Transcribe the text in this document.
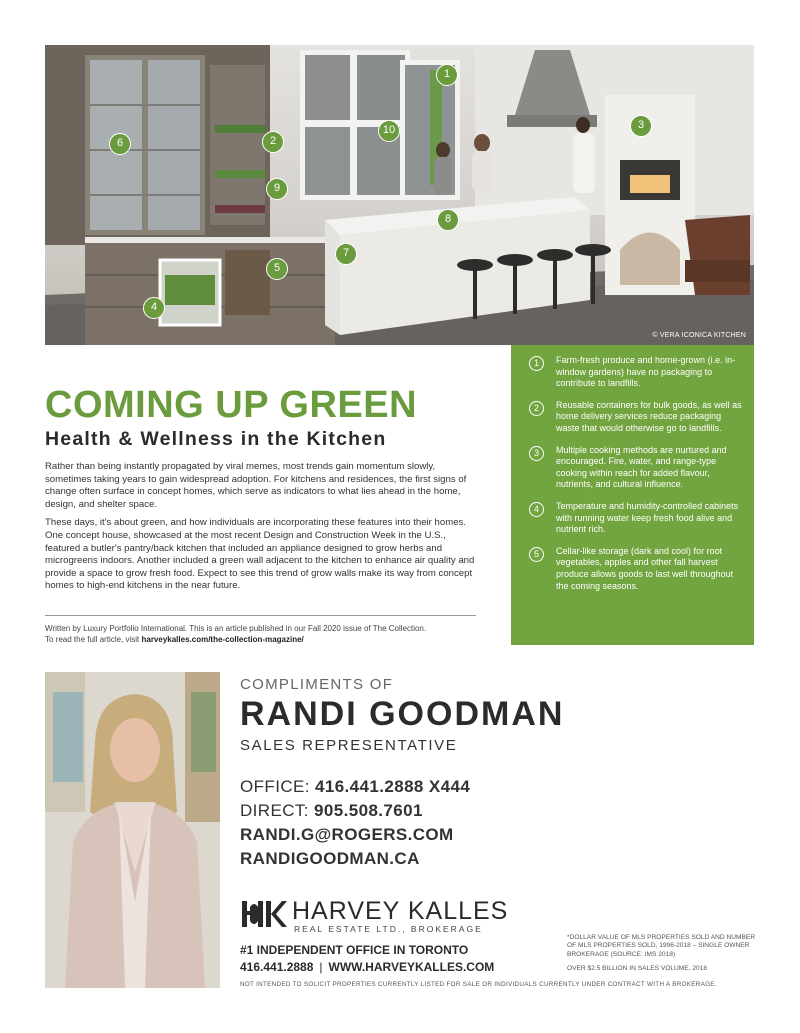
1
2
3
4
5
6
7
8
9
10
© VERA ICONICA KITCHEN
1	Farm-fresh produce and home-grown (i.e. in-window gardens) have no packaging to contribute to landfills.
2	Reusable containers for bulk goods, as well as home delivery services reduce packaging waste that would otherwise go to landfills.
3	Multiple cooking methods are nurtured and encouraged. Fire, water, and range-type cooking within reach for added flavour, nutrients, and cultural influence.
4	Temperature and humidity-controlled cabinets with running water keep fresh food alive and nutrient rich.
5	Cellar-like storage (dark and cool) for root vegetables, apples and other fall harvest produce allows goods to last well throughout the coming seasons.
COMING UP GREEN
Health & Wellness in the Kitchen

Rather than being instantly propagated by viral memes, most trends gain momentum slowly, sometimes taking years to gain widespread adoption. For kitchens and residences, the first signs of change often surface in concept homes, which serve as indicators to what lies ahead in the home, design, and shelter space.

These days, it's about green, and how individuals are incorporating these features into their homes. One concept house, showcased at the most recent Design and Construction Week in the U.S., featured a butler's pantry/back kitchen that included an appliance designed to grow herbs and microgreens indoors. Another included a green wall adjacent to the kitchen to enhance air quality and provide a space to grow fresh food. Expect to see this trend of grow walls make its way from concept homes to high-end kitchens in the near future.

Written by Luxury Portfolio International. This is an article published in our Fall 2020 issue of The Collection.
To read the full article, visit harveykalles.com/the-collection-magazine/
COMPLIMENTS OF
RANDI GOODMAN
SALES REPRESENTATIVE
OFFICE: 416.441.2888 X444
DIRECT: 905.508.7601
RANDI.G@ROGERS.COM
RANDIGOODMAN.CA
HARVEY KALLES
REAL ESTATE LTD., BROKERAGE
#1 INDEPENDENT OFFICE IN TORONTO
416.441.2888 | WWW.HARVEYKALLES.COM
*DOLLAR VALUE OF MLS PROPERTIES SOLD AND NUMBER OF MLS PROPERTIES SOLD, 1996-2018 – SINGLE OWNER BROKERAGE (SOURCE: IMS 2018)
OVER $2.5 BILLION IN SALES VOLUME, 2018
NOT INTENDED TO SOLICIT PROPERTIES CURRENTLY LISTED FOR SALE OR INDIVIDUALS CURRENTLY UNDER CONTRACT WITH A BROKERAGE.
